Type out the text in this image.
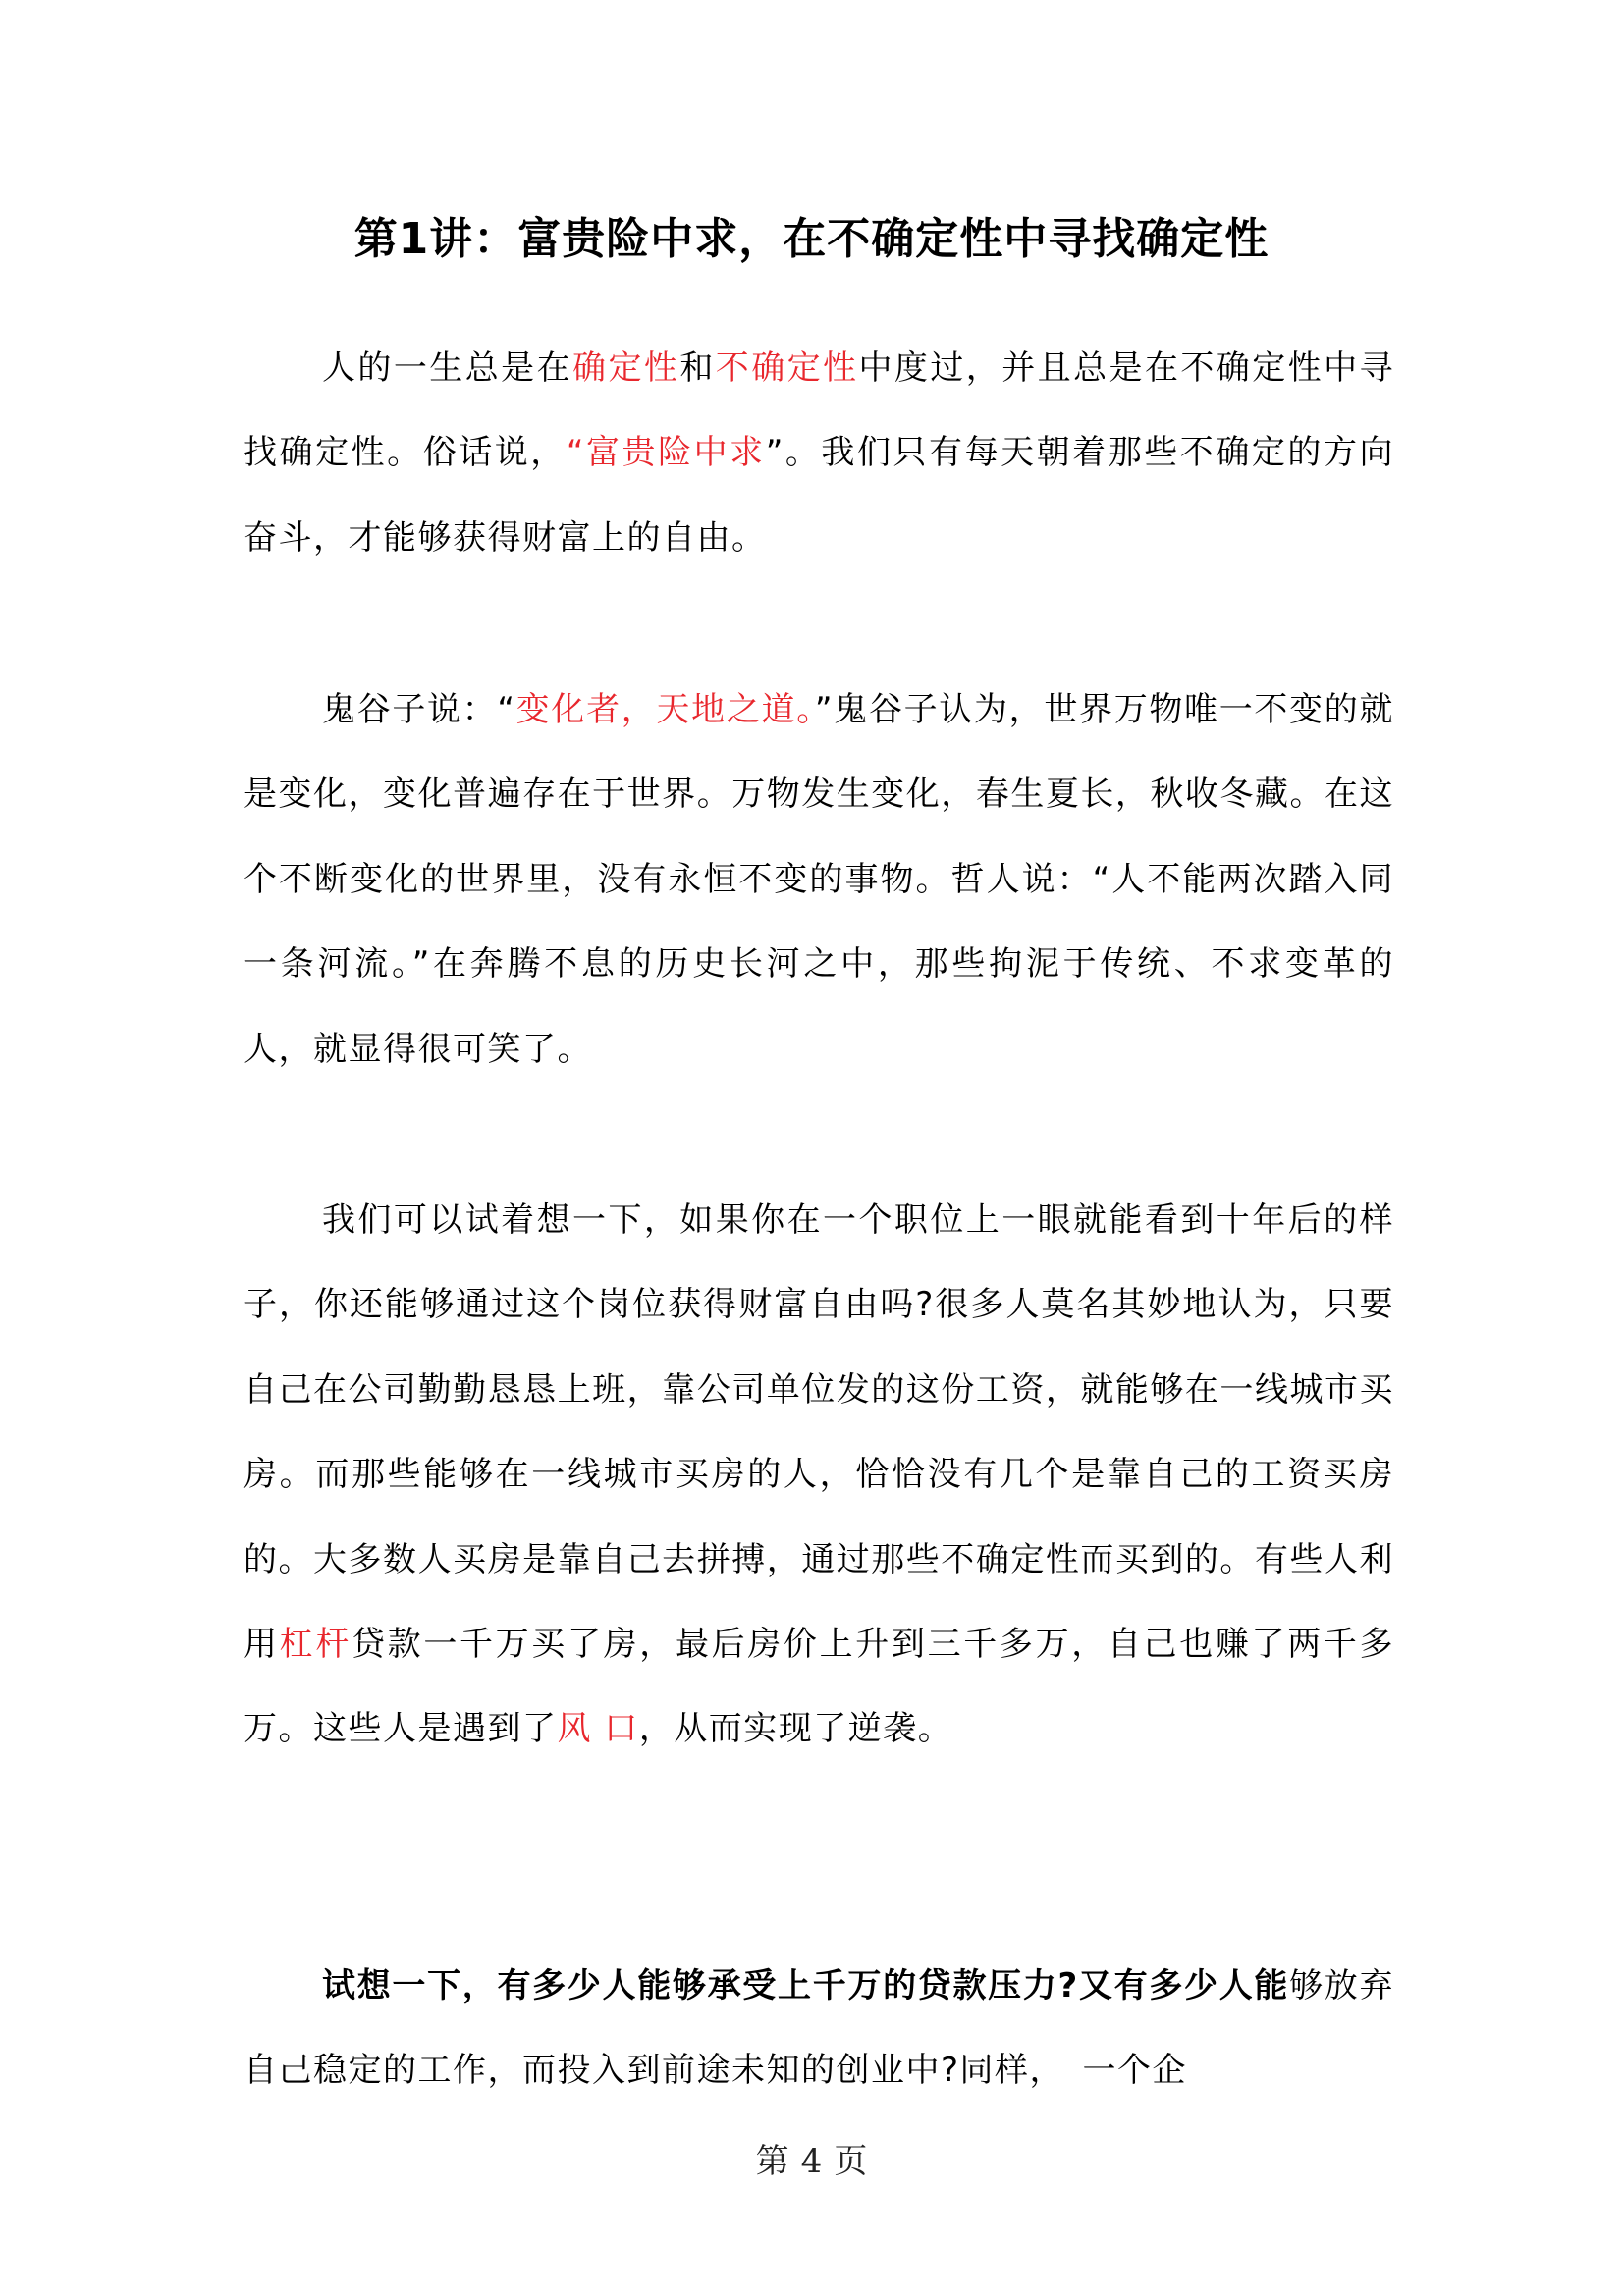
第1讲：富贵险中求，在不确定性中寻找确定性

人的一生总是在确定性和不确定性中度过，并且总是在不确定性中寻找确定性。俗话说，“富贵险中求”。我们只有每天朝着那些不确定的方向奋斗，才能够获得财富上的自由。

鬼谷子说：“变化者，天地之道。”鬼谷子认为，世界万物唯一不变的就是变化，变化普遍存在于世界。万物发生变化，春生夏长，秋收冬藏。在这个不断变化的世界里，没有永恒不变的事物。哲人说：“人不能两次踏入同一条河流。”在奔腾不息的历史长河之中，那些拘泥于传统、不求变革的人，就显得很可笑了。

我们可以试着想一下，如果你在一个职位上一眼就能看到十年后的样子，你还能够通过这个岗位获得财富自由吗?很多人莫名其妙地认为，只要自己在公司勤勤恳恳上班，靠公司单位发的这份工资，就能够在一线城市买房。而那些能够在一线城市买房的人，恰恰没有几个是靠自己的工资买房的。大多数人买房是靠自己去拼搏，通过那些不确定性而买到的。有些人利用杠杆贷款一千万买了房，最后房价上升到三千多万，自己也赚了两千多万。这些人是遇到了风 口，从而实现了逆袭。

试想一下，有多少人能够承受上千万的贷款压力?又有多少人能够放弃自己稳定的工作，而投入到前途未知的创业中?同样，　一个企

第 4 页
